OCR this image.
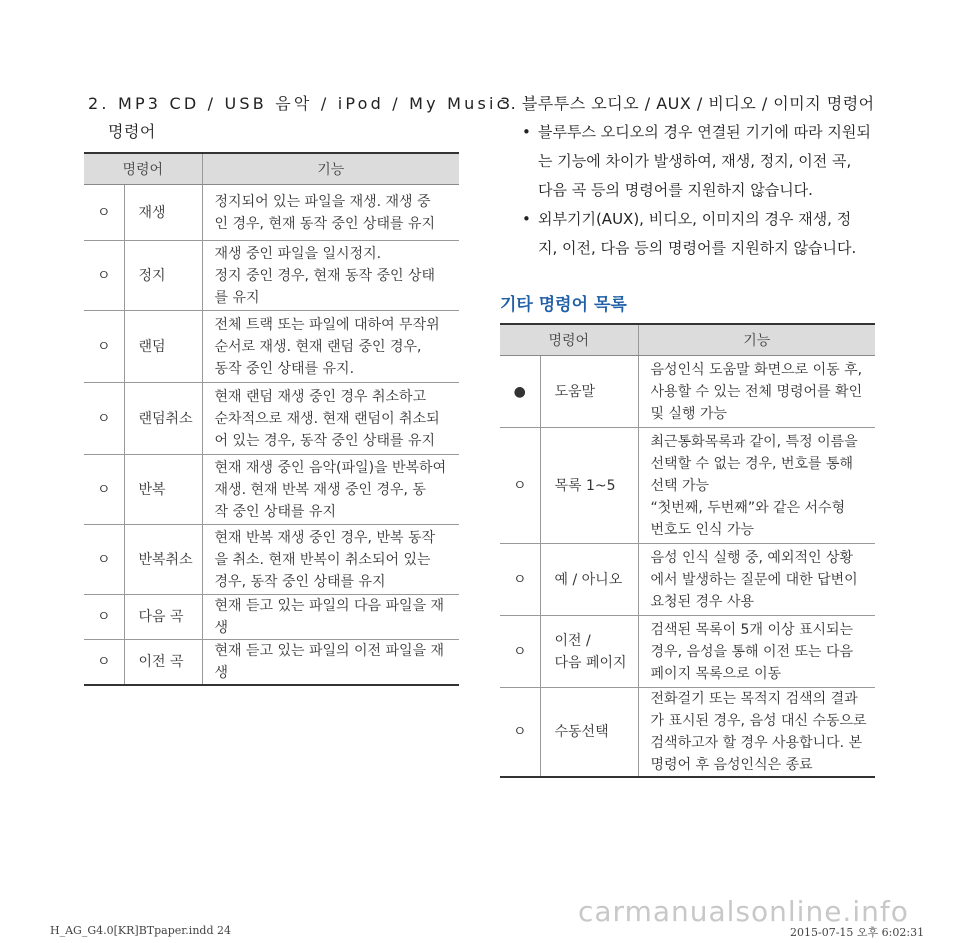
2. MP3 CD / USB 음악 / iPod / My Music
명령어
명령어		기능
ㅇ	재생	정지되어 있는 파일을 재생. 재생 중
인 경우, 현재 동작 중인 상태를 유지

ㅇ	정지	재생 중인 파일을 일시정지.
정지 중인 경우, 현재 동작 중인 상태
를 유지

ㅇ	랜덤	전체 트랙 또는 파일에 대하여 무작위
순서로 재생. 현재 랜덤 중인 경우,
동작 중인 상태를 유지.

ㅇ	랜덤취소	현재 랜덤 재생 중인 경우 취소하고
순차적으로 재생. 현재 랜덤이 취소되
어 있는 경우, 동작 중인 상태를 유지

ㅇ	반복	현재 재생 중인 음악(파일)을 반복하여
재생. 현재 반복 재생 중인 경우, 동
작 중인 상태를 유지

ㅇ	반복취소	현재 반복 재생 중인 경우, 반복 동작
을 취소. 현재 반복이 취소되어 있는
경우, 동작 중인 상태를 유지

ㅇ	다음 곡	현재 듣고 있는 파일의 다음 파일을 재생

ㅇ	이전 곡	현재 듣고 있는 파일의 이전 파일을 재생
3. 블루투스 오디오 / AUX / 비디오 / 이미지 명령어
• 블루투스 오디오의 경우 연결된 기기에 따라 지원되
는 기능에 차이가 발생하여, 재생, 정지, 이전 곡,
다음 곡 등의 명령어를 지원하지 않습니다.
• 외부기기(AUX), 비디오, 이미지의 경우 재생, 정
지, 이전, 다음 등의 명령어를 지원하지 않습니다.
기타 명령어 목록
명령어		기능
●	도움말	음성인식 도움말 화면으로 이동 후,
사용할 수 있는 전체 명령어를 확인
및 실행 가능

ㅇ	목록 1~5	최근통화목록과 같이, 특정 이름을
선택할 수 없는 경우, 번호를 통해
선택 가능
“첫번째, 두번째”와 같은 서수형
번호도 인식 가능

ㅇ	예 / 아니오	음성 인식 실행 중, 예외적인 상황
에서 발생하는 질문에 대한 답변이
요청된 경우 사용

ㅇ	이전 /
다음 페이지	검색된 목록이 5개 이상 표시되는
경우, 음성을 통해 이전 또는 다음
페이지 목록으로 이동

ㅇ	수동선택	전화걸기 또는 목적지 검색의 결과
가 표시된 경우, 음성 대신 수동으로
검색하고자 할 경우 사용합니다. 본
명령어 후 음성인식은 종료
H_AG_G4.0[KR]BTpaper.indd 24	2015-07-15 오후 6:02:31
carmanualsonline.info
